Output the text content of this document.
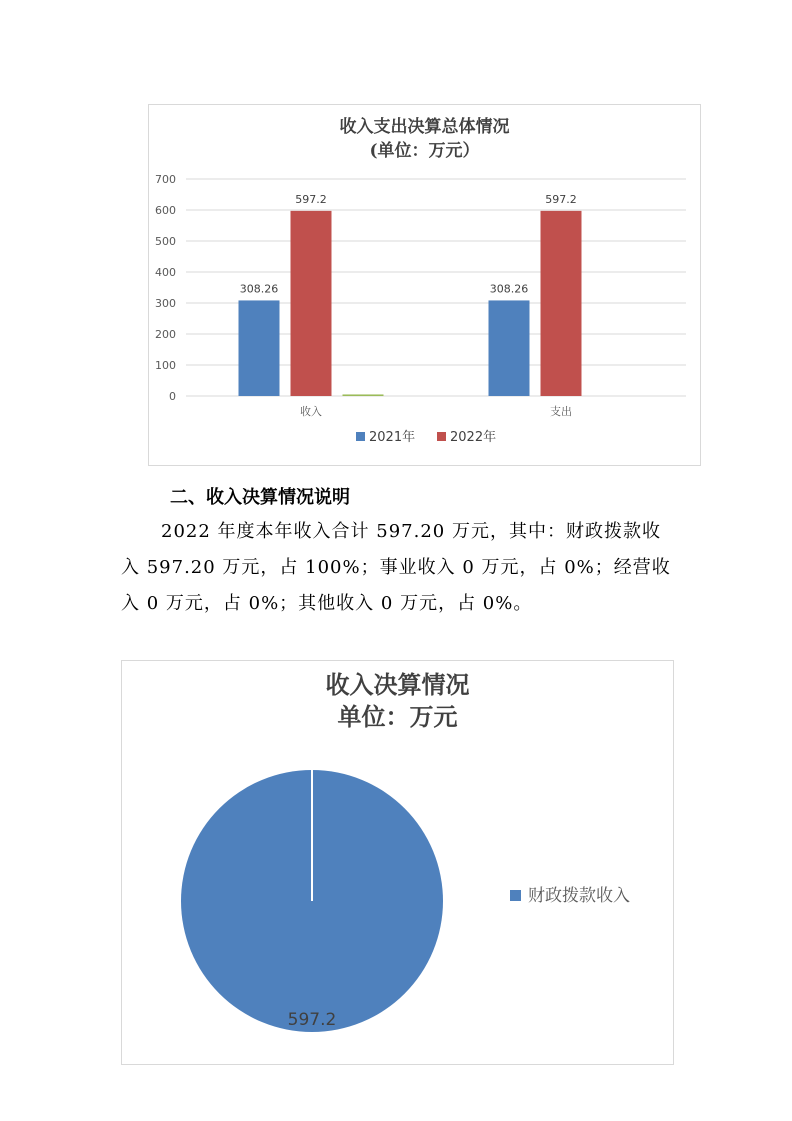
收入支出决算总体情况
(单位：万元）
0
100
200
300
400
500
600
700
308.26
597.2
收入
308.26
597.2
支出
2021年	2022年
二、收入决算情况说明
2022 年度本年收入合计 597.20 万元，其中：财政拨款收入 597.20 万元，占 100%；事业收入 0 万元，占 0%；经营收入 0 万元，占 0%；其他收入 0 万元，占 0%。
收入决算情况
单位：万元
597.2
财政拨款收入
